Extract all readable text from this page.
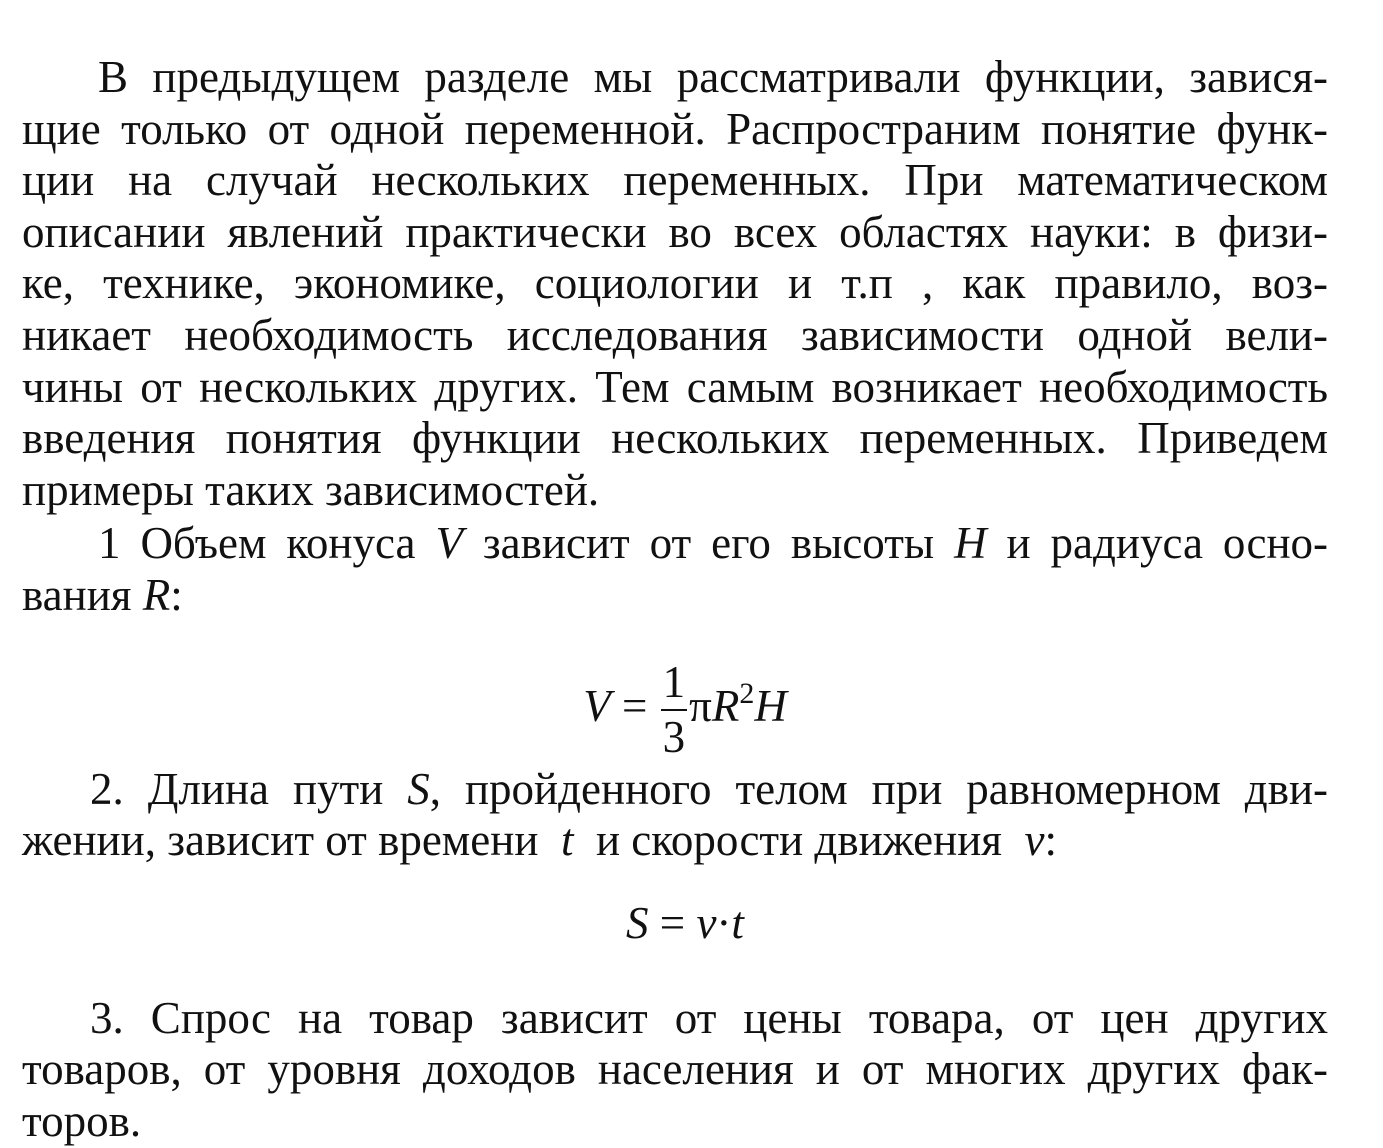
В предыдущем разделе мы рассматривали функции, завися-
щие только от одной переменной. Распространим понятие функ-
ции на случай нескольких переменных. При математическом
описании явлений практически во всех областях науки: в физи-
ке, технике, экономике, социологии и т.п , как правило, воз-
никает необходимость исследования зависимости одной вели-
чины от нескольких других. Тем самым возникает необходимость
введения понятия функции нескольких переменных. Приведем
примеры таких зависимостей.

1 Объем конуса V зависит от его высоты H и радиуса осно-
вания R:

$V = \frac{1}{3} \pi R^2H$

2. Длина пути S, пройденного телом при равномерном дви-
жении, зависит от времени t и скорости движения v:

S = v·t

3. Спрос на товар зависит от цены товара, от цен других
товаров, от уровня доходов населения и от многих других фак-
торов.
